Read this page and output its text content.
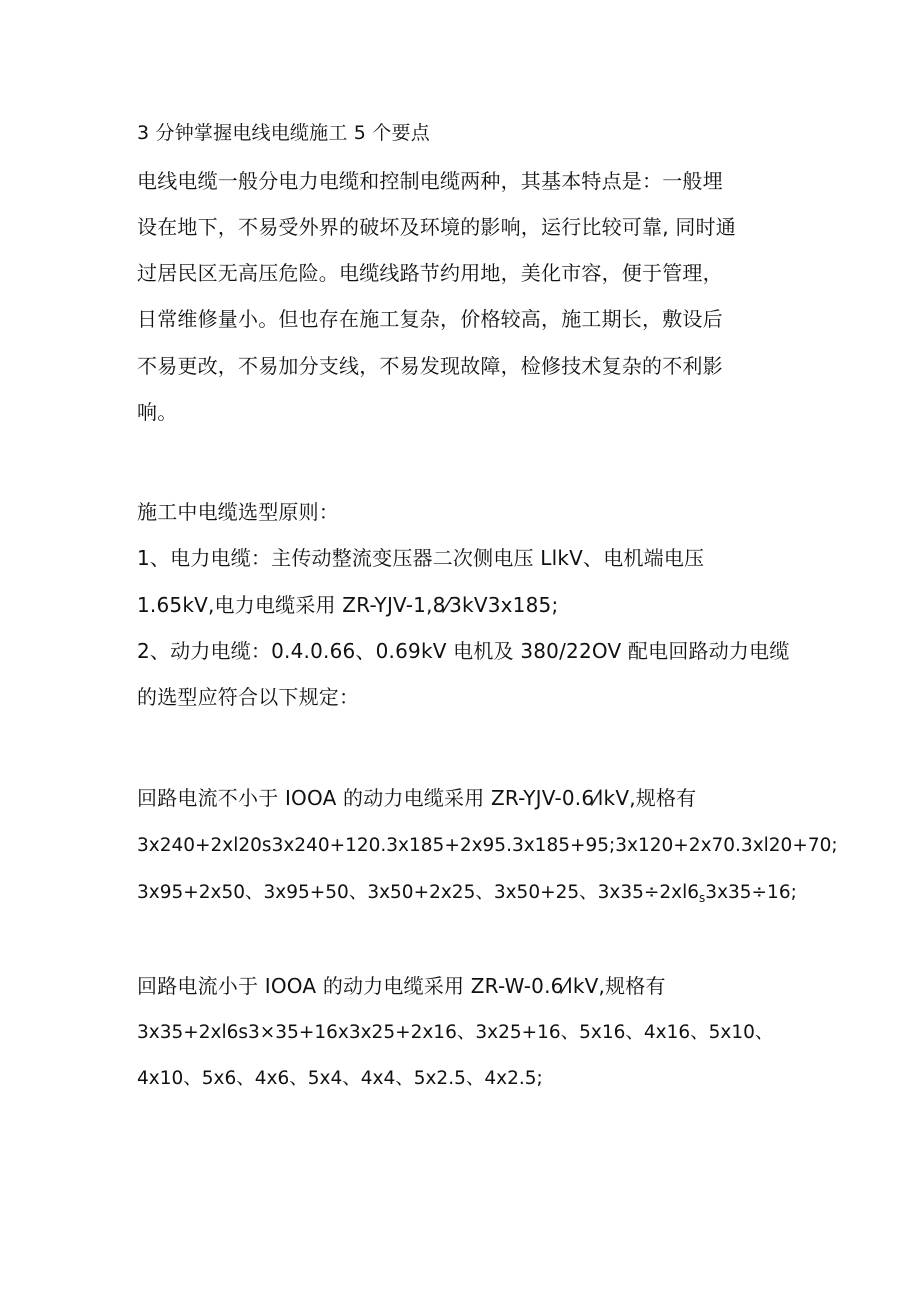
3 分钟掌握电线电缆施工 5 个要点
电线电缆一般分电力电缆和控制电缆两种，其基本特点是：一般埋
设在地下，不易受外界的破坏及环境的影响，运行比较可靠, 同时通
过居民区无高压危险。电缆线路节约用地，美化市容，便于管理，
日常维修量小。但也存在施工复杂，价格较高，施工期长，敷设后
不易更改，不易加分支线，不易发现故障，检修技术复杂的不利影
响。
施工中电缆选型原则：
1、电力电缆：主传动整流变压器二次侧电压 LlkV、电机端电压
1.65kV,电力电缆采用 ZR-YJV-1,8⁄3kV3x185;
2、动力电缆：0.4.0.66、0.69kV 电机及 380/22OV 配电回路动力电缆
的选型应符合以下规定：
回路电流不小于 IOOA 的动力电缆采用 ZR-YJV-0.6⁄lkV,规格有
3x240+2xl20s3x240+120.3x185+2x95.3x185+95;3x120+2x70.3xl20+70;
3x95+2x50、3x95+50、3x50+2x25、3x50+25、$3x35\div 2xl6_s3x35\div 16$;
回路电流小于 IOOA 的动力电缆采用 ZR-W-0.6⁄lkV,规格有
3x35+2xl6s3×35+16x3x25+2x16、3x25+16、5x16、4x16、5x10、
4x10、5x6、4x6、5x4、4x4、5x2.5、4x2.5;
